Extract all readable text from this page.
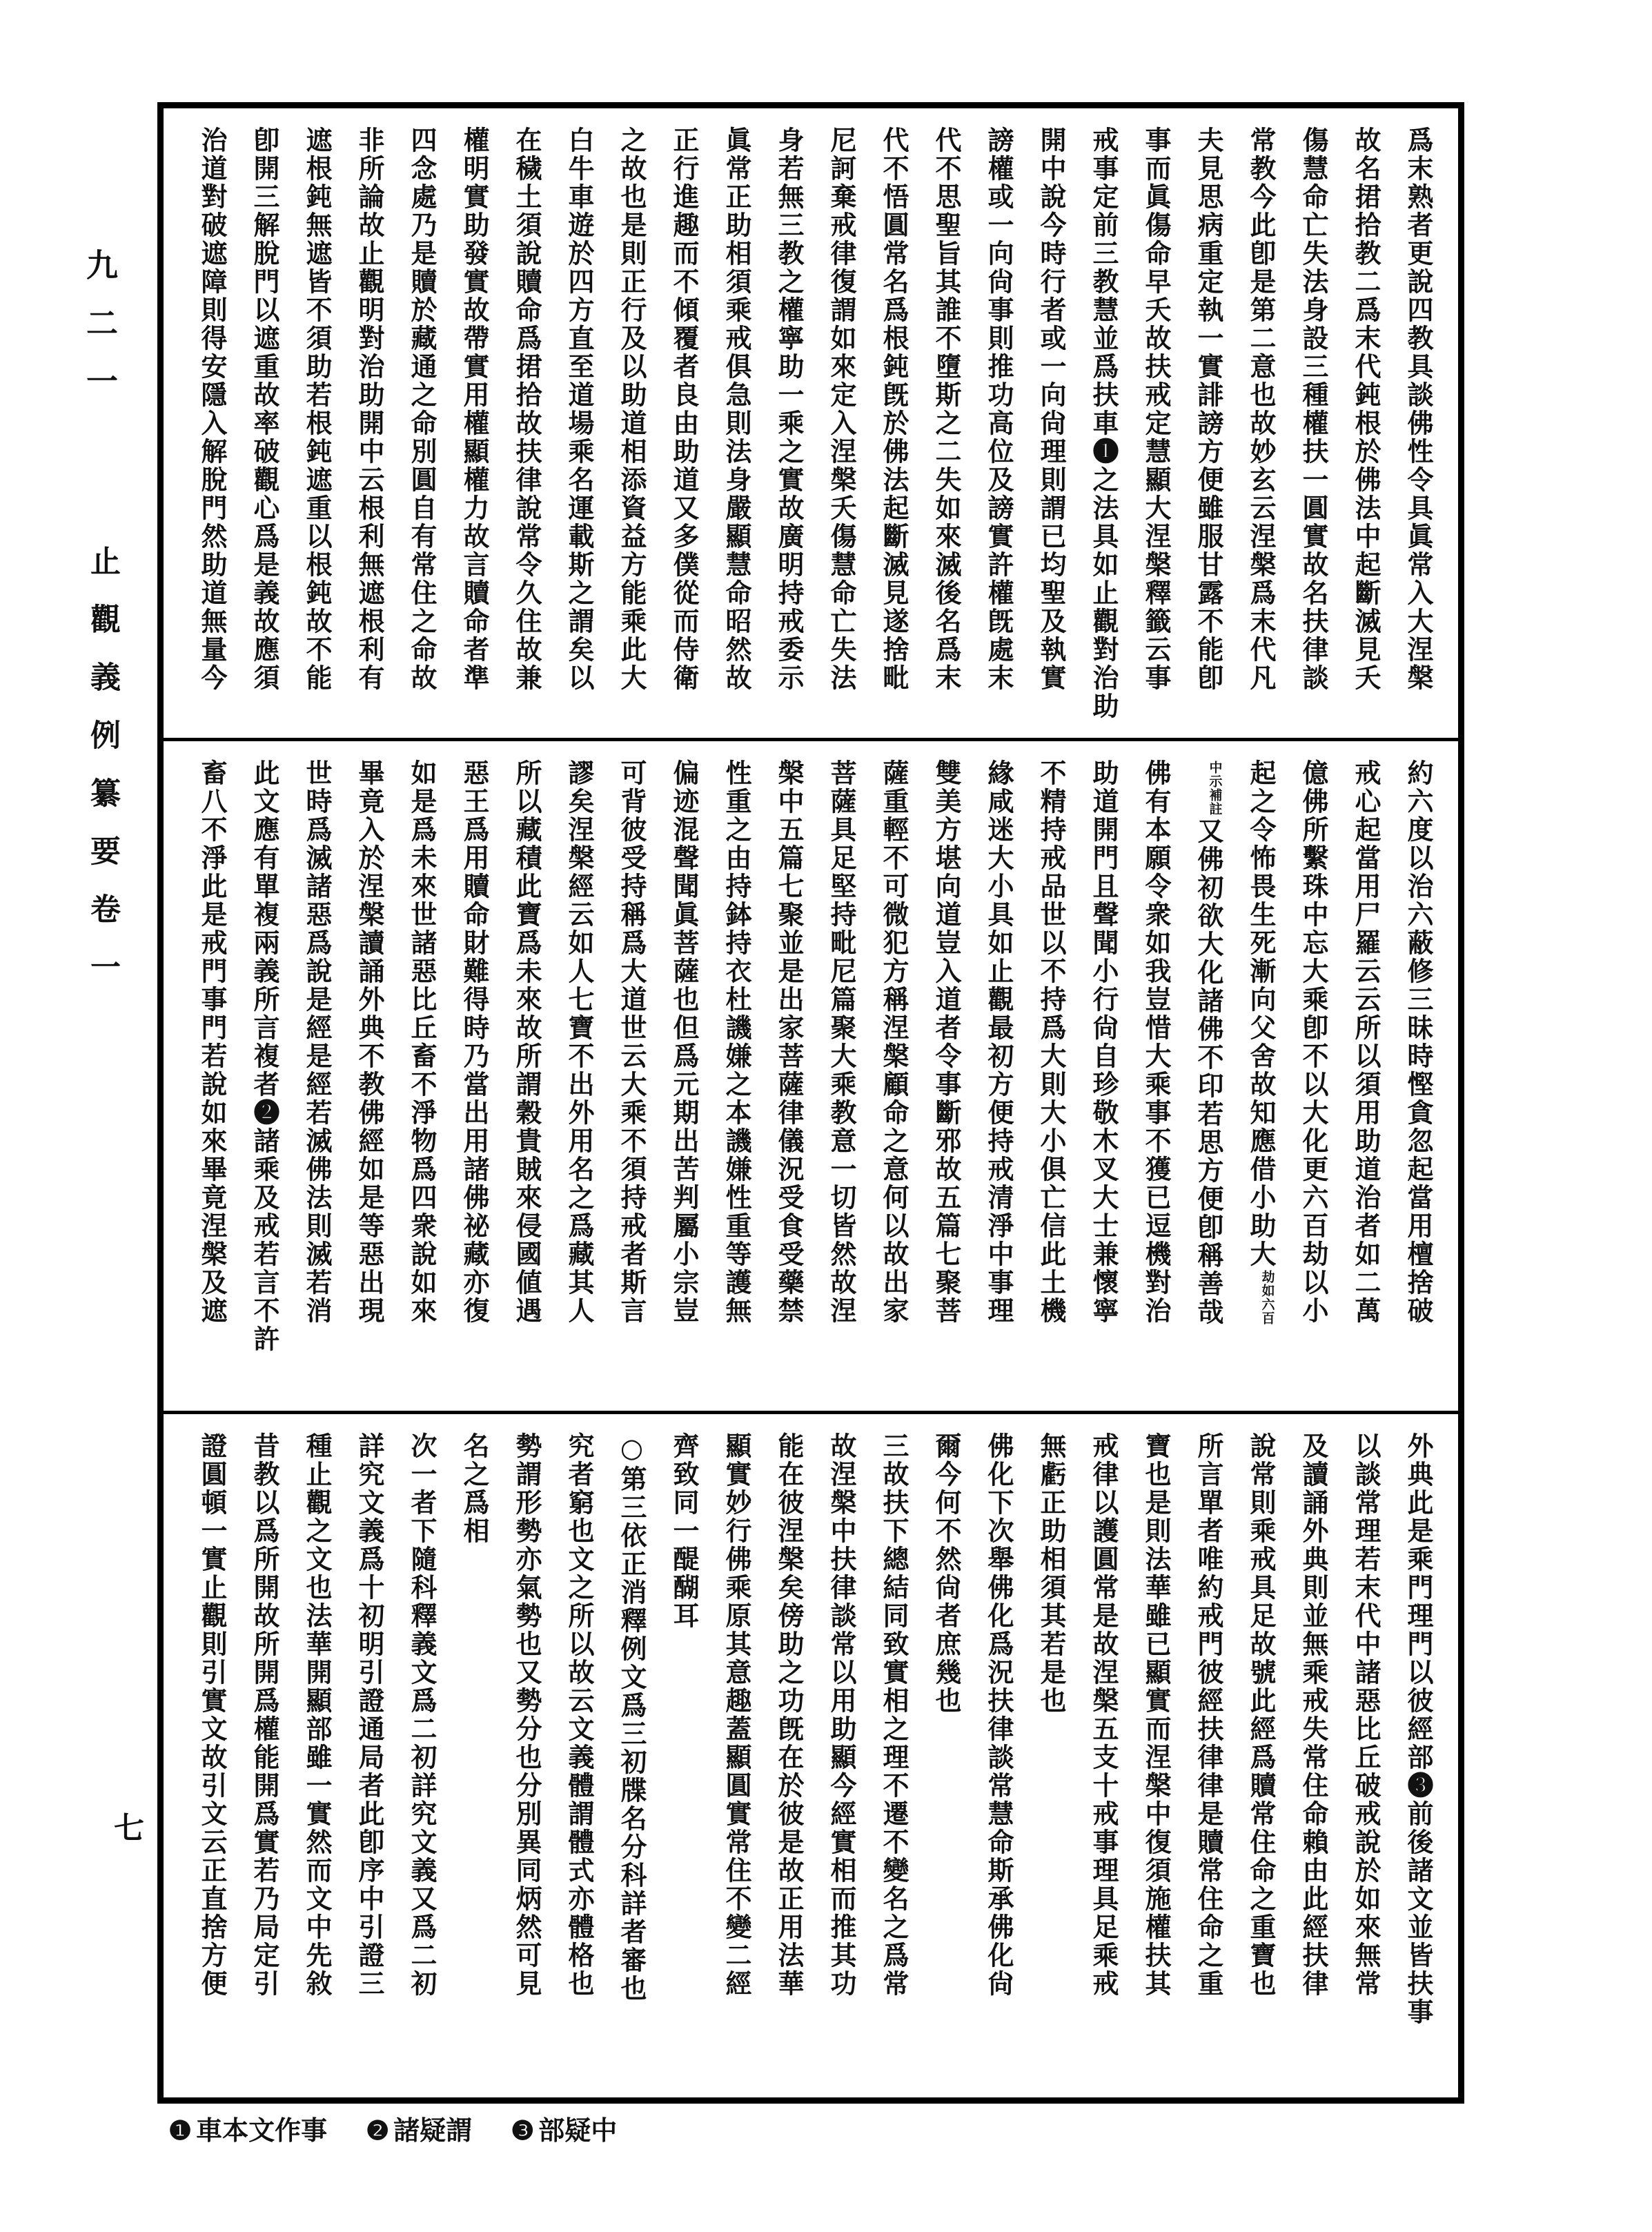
九二一
止觀義例纂要卷一
七
爲末熟者更說四教具談佛性令具眞常入大涅槃
故名捃拾教二爲末代鈍根於佛法中起斷滅見夭
傷慧命亡失法身設三種權扶一圓實故名扶律談
常教今此卽是第二意也故妙玄云涅槃爲末代凡
夫見思病重定執一實誹謗方便雖服甘露不能卽
事而眞傷命早夭故扶戒定慧顯大涅槃釋籤云事
戒事定前三教慧並爲扶車❶之法具如止觀對治助
開中說今時行者或一向尙理則謂已均聖及執實
謗權或一向尙事則推功高位及謗實許權旣處末
代不思聖旨其誰不墮斯之二失如來滅後名爲末
代不悟圓常名爲根鈍旣於佛法起斷滅見遂捨毗
尼訶棄戒律復謂如來定入涅槃夭傷慧命亡失法
身若無三教之權寧助一乘之實故廣明持戒委示
眞常正助相須乘戒俱急則法身嚴顯慧命昭然故
正行進趣而不傾覆者良由助道又多僕從而侍衛
之故也是則正行及以助道相添資益方能乘此大
白牛車遊於四方直至道場乘名運載斯之謂矣以
在穢土須說贖命爲捃拾故扶律說常令久住故兼
權明實助發實故帶實用權顯權力故言贖命者準
四念處乃是贖於藏通之命別圓自有常住之命故
非所論故止觀明對治助開中云根利無遮根利有
遮根鈍無遮皆不須助若根鈍遮重以根鈍故不能
卽開三解脫門以遮重故率破觀心爲是義故應須
治道對破遮障則得安隱入解脫門然助道無量今
約六度以治六蔽修三昧時慳貪忽起當用檀捨破
戒心起當用尸羅云云所以須用助道治者如二萬
億佛所繫珠中忘大乘卽不以大化更六百劫以小
起之令怖畏生死漸向父舍故知應借小助大
六百
劫如
補註
中示
又佛初欲大化諸佛不印若思方便卽稱善哉
佛有本願令衆如我豈惜大乘事不獲已逗機對治
助道開門且聲聞小行尙自珍敬木叉大士兼懷寧
不精持戒品世以不持爲大則大小俱亡信此土機
緣咸迷大小具如止觀最初方便持戒清淨中事理
雙美方堪向道豈入道者令事斷邪故五篇七聚菩
薩重輕不可微犯方稱涅槃顧命之意何以故出家
菩薩具足堅持毗尼篇聚大乘教意一切皆然故涅
槃中五篇七聚並是出家菩薩律儀況受食受藥禁
性重之由持鉢持衣杜譏嫌之本譏嫌性重等護無
偏迹混聲聞眞菩薩也但爲元期出苦判屬小宗豈
可背彼受持稱爲大道世云大乘不須持戒者斯言
謬矣涅槃經云如人七寶不出外用名之爲藏其人
所以藏積此寶爲未來故所謂穀貴賊來侵國値遇
惡王爲用贖命財難得時乃當出用諸佛祕藏亦復
如是爲未來世諸惡比丘畜不淨物爲四衆說如來
畢竟入於涅槃讀誦外典不教佛經如是等惡出現
世時爲滅諸惡爲說是經是經若滅佛法則滅若消
此文應有單複兩義所言複者❷諸乘及戒若言不許
畜八不淨此是戒門事門若說如來畢竟涅槃及遮
外典此是乘門理門以彼經部❸前後諸文並皆扶事
以談常理若末代中諸惡比丘破戒說於如來無常
及讀誦外典則並無乘戒失常住命賴由此經扶律
說常則乘戒具足故號此經爲贖常住命之重寶也
所言單者唯約戒門彼經扶律律是贖常住命之重
寶也是則法華雖已顯實而涅槃中復須施權扶其
戒律以護圓常是故涅槃五支十戒事理具足乘戒
無虧正助相須其若是也
佛化下次舉佛化爲況扶律談常慧命斯承佛化尙
爾今何不然尙者庶幾也
三故扶下總結同致實相之理不遷不變名之爲常
故涅槃中扶律談常以用助顯今經實相而推其功
能在彼涅槃矣傍助之功旣在於彼是故正用法華
顯實妙行佛乘原其意趣蓋顯圓實常住不變二經
齊致同一醍醐耳
○第三依正消釋例文爲三初牒名分科詳者審也
究者窮也文之所以故云文義體謂體式亦體格也
勢謂形勢亦氣勢也又勢分也分別異同炳然可見
名之爲相
次一者下隨科釋義文爲二初詳究文義又爲二初
詳究文義爲十初明引證通局者此卽序中引證三
種止觀之文也法華開顯部雖一實然而文中先敘
昔教以爲所開故所開爲權能開爲實若乃局定引
證圓頓一實止觀則引實文故引文云正直捨方便
❶ 車本文作事 ❷ 諸疑謂 ❸ 部疑中
